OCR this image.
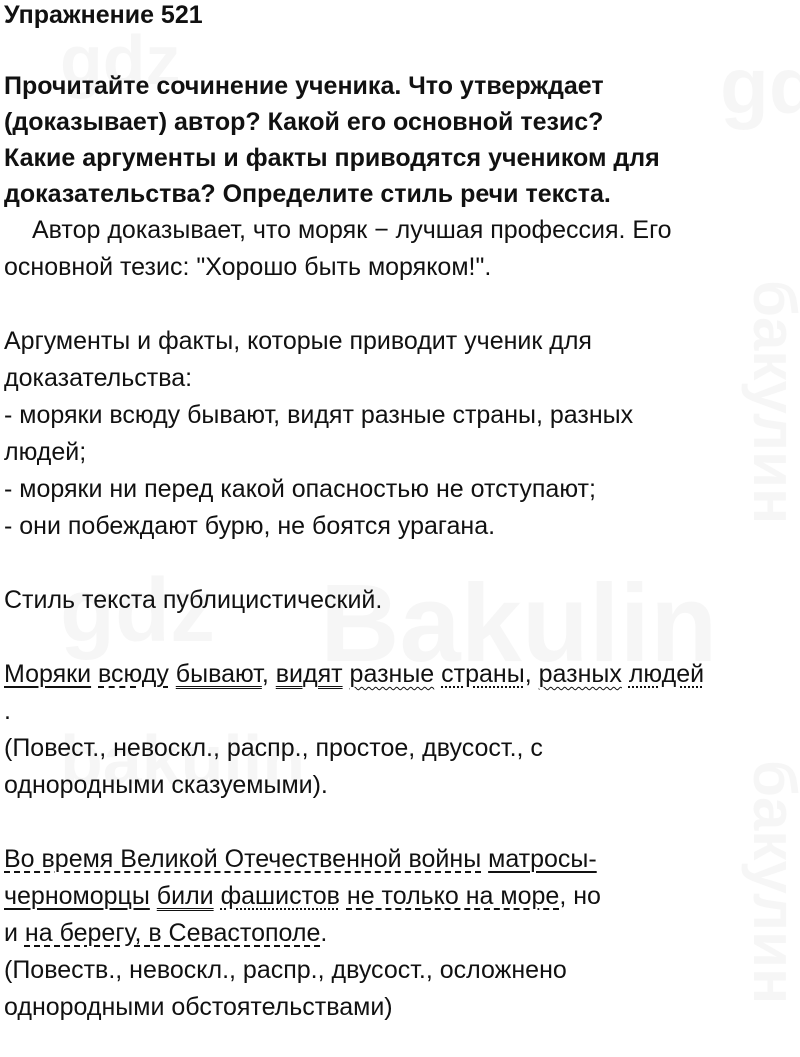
Упражнение 521

Прочитайте сочинение ученика. Что утверждает
(доказывает) автор? Какой его основной тезис?
Какие аргументы и факты приводятся учеником для
доказательства? Определите стиль речи текста.
Автор доказывает, что моряк − лучшая профессия. Его
основной тезис: "Хорошо быть моряком!".
Аргументы и факты, которые приводит ученик для
доказательства:
- моряки всюду бывают, видят разные страны, разных
людей;
- моряки ни перед какой опасностью не отступают;
- они побеждают бурю, не боятся урагана.
Стиль текста публицистический.
Моряки всюду бывают, видят разные страны, разных людей
.
(Повест., невоскл., распр., простое, двусост., с
однородными сказуемыми).
Во время Великой Отечественной войны матросы-
черноморцы били фашистов не только на море, но
и на берегу, в Севастополе.
(Повеств., невоскл., распр., двусост., осложнено
однородными обстоятельствами)
